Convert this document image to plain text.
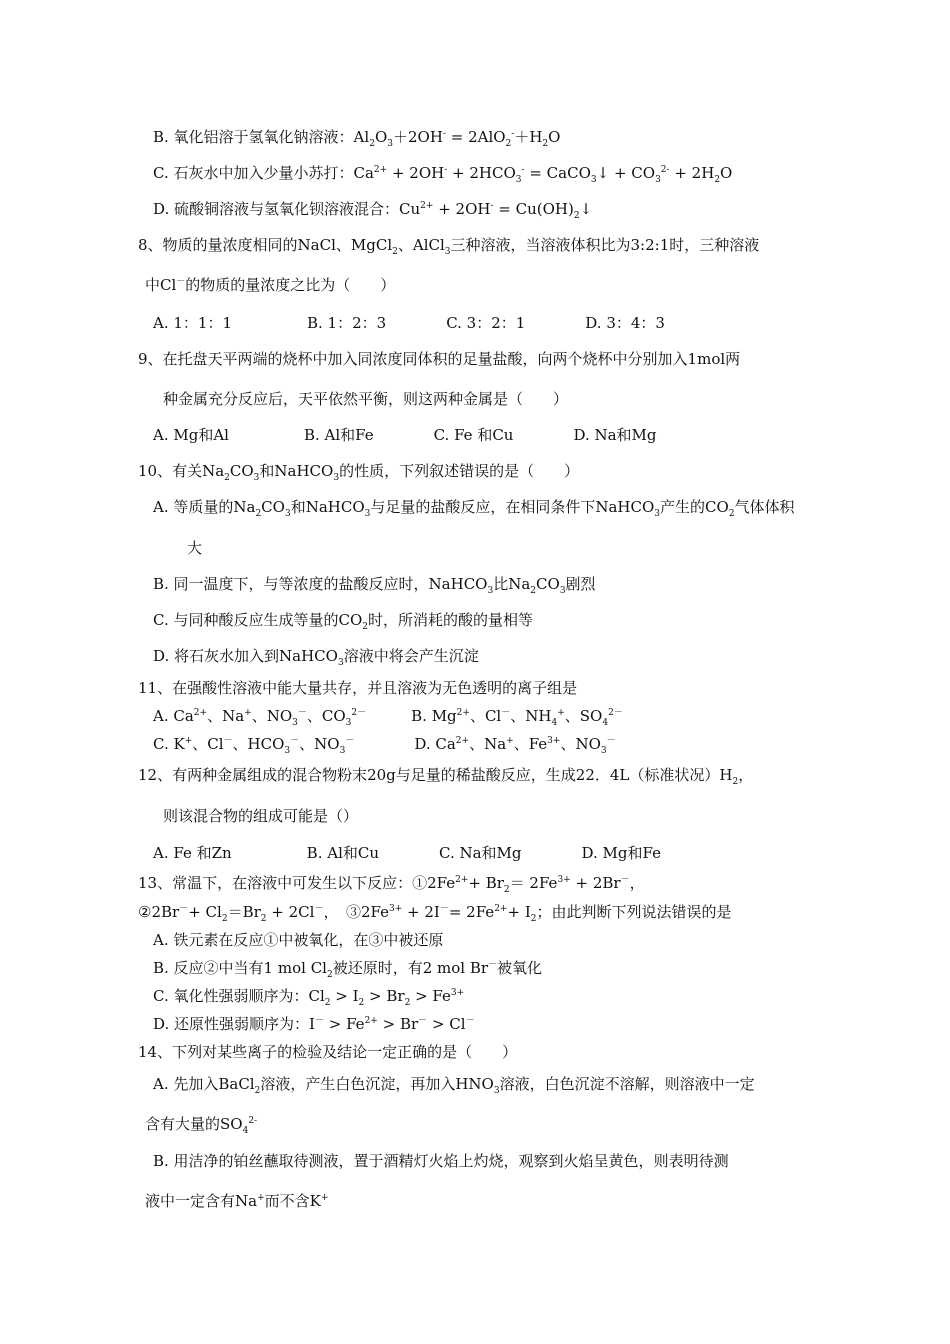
B. 氧化铝溶于氢氧化钠溶液：$Al_2O_3+2OH^- = 2AlO_2^-+H_2O$
C. 石灰水中加入少量小苏打：$Ca^{2+} + 2OH^- + 2HCO_3^-$ = CaCO$_3$↓ + $CO_3^{2-} + 2H_2O$
D. 硫酸铜溶液与氢氧化钡溶液混合：$Cu^{2+} + 2OH^-$ = $Cu(OH)_2↓$
8、物质的量浓度相同的NaCl、MgCl$_2$、AlCl$_3$三种溶液，当溶液体积比为3:2:1时，三种溶液
中Cl－的物质的量浓度之比为（　　）
A. 1：1：1　　　　　B. 1：2：3　　　　C. 3：2：1　　　　D. 3：4：3
9、在托盘天平两端的烧杯中加入同浓度同体积的足量盐酸，向两个烧杯中分别加入1mol两
种金属充分反应后，天平依然平衡，则这两种金属是（　　）
A. Mg和Al　　　　　B. Al和Fe　　　　C. Fe 和Cu　　　　D. Na和Mg
10、有关$Na_2CO_3$和NaHCO$_3$的性质，下列叙述错误的是（　　）
A. 等质量的$Na_2CO_3$和NaHCO$_3$与足量的盐酸反应，在相同条件下NaHCO$_3$产生的$CO_2$气体体积
大
B. 同一温度下，与等浓度的盐酸反应时，NaHCO$_3$比$Na_2CO_3$剧烈
C. 与同种酸反应生成等量的$CO_2$时，所消耗的酸的量相等
D. 将石灰水加入到NaHCO$_3$溶液中将会产生沉淀
11、在强酸性溶液中能大量共存，并且溶液为无色透明的离子组是
A. $Ca^{2+}$、Na+、$NO_3^-$、$CO_3^{2-}$　　　B. $Mg^{2+}$、Cl－、$NH_4^+$、$SO_4^{2-}$
C. K+、Cl－、$HCO_3^-$、$NO_3^-$　　　　D. $Ca^{2+}$、Na+、$Fe^{3+}$、$NO_3^-$
12、有两种金属组成的混合物粉末20g与足量的稀盐酸反应，生成22．4L（标准状况）$H_2$，
则该混合物的组成可能是（）
A. Fe 和Zn　　　　　B. Al和Cu　　　　C. Na和Mg　　　　D. Mg和Fe
13、常温下，在溶液中可发生以下反应：$①2Fe^{2+}+ Br_2= 2Fe^{3+} + 2Br^-$，
②2Br－+ $Cl_2=Br_2 + 2Cl^-$，　$③2Fe^{3+} + 2I^-= 2Fe^{2+}+ I_2$；由此判断下列说法错误的是
A. 铁元素在反应①中被氧化，在③中被还原
B. 反应②中当有1 mol $Cl_2$被还原时，有2 mol Br－被氧化
C. 氧化性强弱顺序为：$Cl_2 > I_2 > Br_2 > Fe^{3+}$
D. 还原性强弱顺序为：$I^- > Fe^{2+} > Br^- > Cl^-$
14、下列对某些离子的检验及结论一定正确的是（　　）
A. 先加入BaCl$_2$溶液，产生白色沉淀，再加入$HNO_3$溶液，白色沉淀不溶解，则溶液中一定
含有大量的$SO_4^{2-}$
B. 用洁净的铂丝蘸取待测液，置于酒精灯火焰上灼烧，观察到火焰呈黄色，则表明待测
液中一定含有Na+而不含K+
